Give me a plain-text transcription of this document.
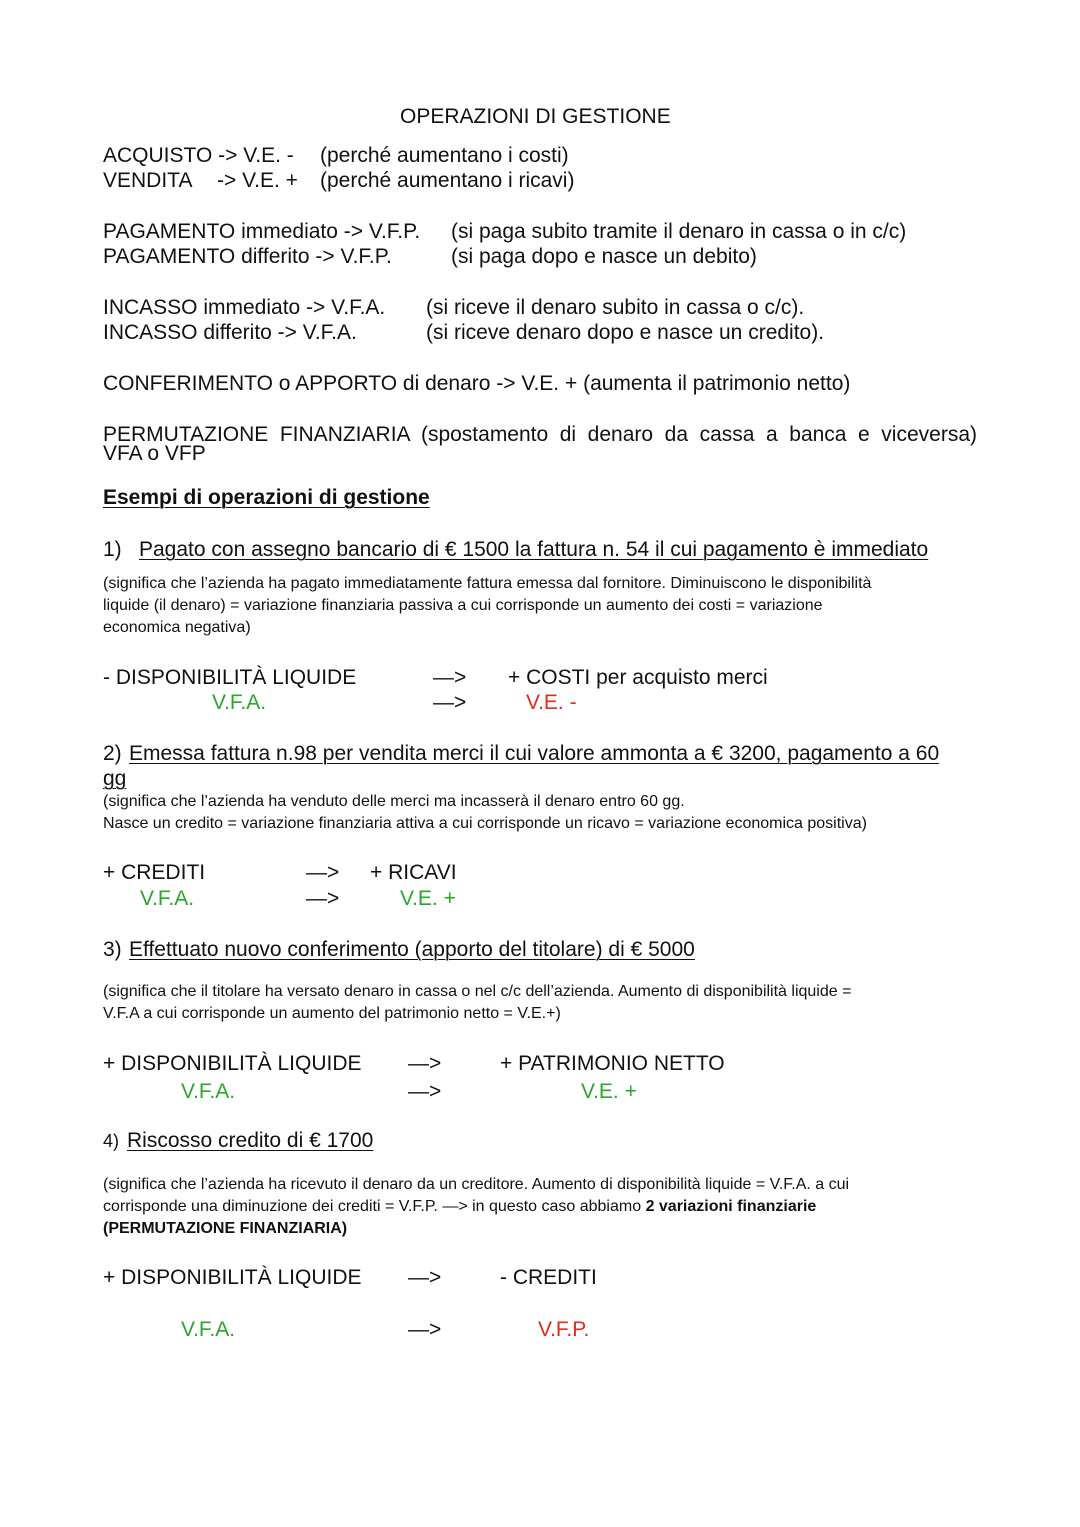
OPERAZIONI DI GESTIONE
ACQUISTO -> V.E. - (perché aumentano i costi)
VENDITA -> V.E. + (perché aumentano i ricavi)
PAGAMENTO immediato -> V.F.P. (si paga subito tramite il denaro in cassa o in c/c)
PAGAMENTO differito -> V.F.P.	(si paga dopo e nasce un debito)
INCASSO immediato -> V.F.A. (si riceve il denaro subito in cassa o c/c).
INCASSO differito -> V.F.A.	(si riceve denaro dopo e nasce un credito).
CONFERIMENTO o APPORTO di denaro -> V.E. + (aumenta il patrimonio netto)
PERMUTAZIONE FINANZIARIA (spostamento di denaro da cassa a banca e viceversa)
VFA o VFP
Esempi di operazioni di gestione
1) Pagato con assegno bancario di € 1500 la fattura n. 54 il cui pagamento è immediato
(significa che l’azienda ha pagato immediatamente fattura emessa dal fornitore. Diminuiscono le disponibilità
liquide (il denaro) = variazione finanziaria passiva a cui corrisponde un aumento dei costi = variazione
economica negativa)
- DISPONIBILITÀ LIQUIDE	—> + COSTI per acquisto merci
V.F.A.	—>	V.E. -
2) Emessa fattura n.98 per vendita merci il cui valore ammonta a € 3200, pagamento a 60
gg
(significa che l’azienda ha venduto delle merci ma incasserà il denaro entro 60 gg.
Nasce un credito = variazione finanziaria attiva a cui corrisponde un ricavo = variazione economica positiva)
+ CREDITI	—> + RICAVI
V.F.A.	—>	V.E. +
3) Effettuato nuovo conferimento (apporto del titolare) di € 5000
(significa che il titolare ha versato denaro in cassa o nel c/c dell’azienda. Aumento di disponibilità liquide =
V.F.A a cui corrisponde un aumento del patrimonio netto = V.E.+)
+ DISPONIBILITÀ LIQUIDE —>	+ PATRIMONIO NETTO
V.F.A.	—>	V.E. +
4) Riscosso credito di € 1700
(significa che l’azienda ha ricevuto il denaro da un creditore. Aumento di disponibilità liquide = V.F.A. a cui
corrisponde una diminuzione dei crediti = V.F.P. —> in questo caso abbiamo 2 variazioni finanziarie
(PERMUTAZIONE FINANZIARIA)
+ DISPONIBILITÀ LIQUIDE —>	- CREDITI
V.F.A.	—>	V.F.P.
